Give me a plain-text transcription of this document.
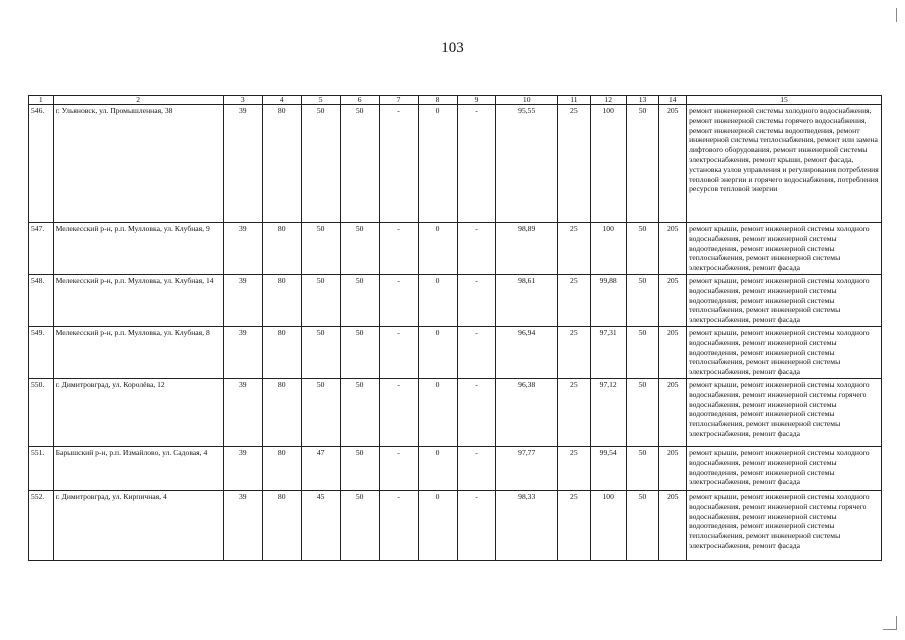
103
1	2	3	4	5	6	7	8	9	10	11	12	13	14	15
546.	г. Ульяновск, ул. Промышленная, 38	39	80	50	50	-	0	-	95,55	25	100	50	205	ремонт инженерной системы холодного водоснабжения, ремонт инженерной системы горячего водоснабжения, ремонт инженерной системы водоотведения, ремонт инженерной системы теплоснабжения, ремонт или замена лифтового оборудования, ремонт инженерной системы электроснабжения, ремонт крыши, ремонт фасада, установка узлов управления и регулирования потребления тепловой энергии и горячего водоснабжения, потребления ресурсов тепловой энергии
547.	Мелекесский р-н, р.п. Мулловка, ул. Клубная, 9	39	80	50	50	-	0	-	98,89	25	100	50	205	ремонт крыши, ремонт инженерной системы холодного водоснабжения, ремонт инженерной системы водоотведения, ремонт инженерной системы теплоснабжения, ремонт инженерной системы электроснабжения, ремонт фасада
548.	Мелекесский р-н, р.п. Мулловка, ул. Клубная, 14	39	80	50	50	-	0	-	98,61	25	99,88	50	205	ремонт крыши, ремонт инженерной системы холодного водоснабжения, ремонт инженерной системы водоотведения, ремонт инженерной системы теплоснабжения, ремонт инженерной системы электроснабжения, ремонт фасада
549.	Мелекесский р-н, р.п. Мулловка, ул. Клубная, 8	39	80	50	50	-	0	-	96,94	25	97,31	50	205	ремонт крыши, ремонт инженерной системы холодного водоснабжения, ремонт инженерной системы водоотведения, ремонт инженерной системы теплоснабжения, ремонт инженерной системы электроснабжения, ремонт фасада
550.	г. Димитровград, ул. Королёва, 12	39	80	50	50	-	0	-	96,38	25	97,12	50	205	ремонт крыши, ремонт инженерной системы холодного водоснабжения, ремонт инженерной системы горячего водоснабжения, ремонт инженерной системы водоотведения, ремонт инженерной системы теплоснабжения, ремонт инженерной системы электроснабжения, ремонт фасада
551.	Барышский р-н, р.п. Измайлово, ул. Садовая, 4	39	80	47	50	-	0	-	97,77	25	99,54	50	205	ремонт крыши, ремонт инженерной системы холодного водоснабжения, ремонт инженерной системы водоотведения, ремонт инженерной системы электроснабжения, ремонт фасада
552.	г. Димитровград, ул. Кирпичная, 4	39	80	45	50	-	0	-	98,33	25	100	50	205	ремонт крыши, ремонт инженерной системы холодного водоснабжения, ремонт инженерной системы горячего водоснабжения, ремонт инженерной системы водоотведения, ремонт инженерной системы теплоснабжения, ремонт инженерной системы электроснабжения, ремонт фасада
